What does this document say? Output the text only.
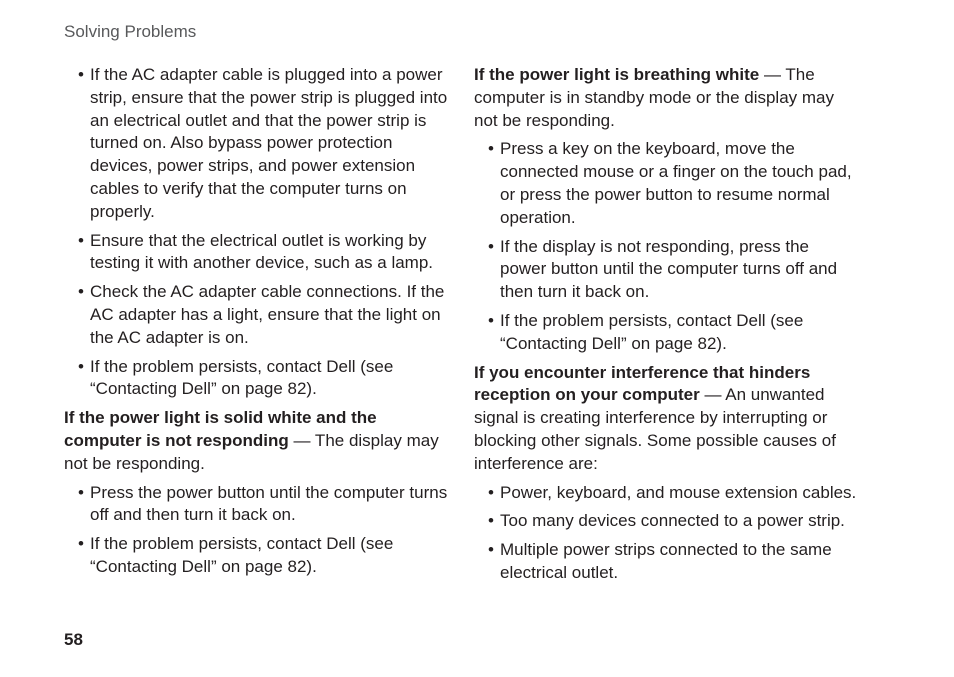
Solving Problems
• If the AC adapter cable is plugged into a power strip, ensure that the power strip is plugged into an electrical outlet and that the power strip is turned on. Also bypass power protection devices, power strips, and power extension cables to verify that the computer turns on properly.
• Ensure that the electrical outlet is working by testing it with another device, such as a lamp.
• Check the AC adapter cable connections. If the AC adapter has a light, ensure that the light on the AC adapter is on.
• If the problem persists, contact Dell (see “Contacting Dell” on page 82).

If the power light is solid white and the computer is not responding — The display may not be responding.

• Press the power button until the computer turns off and then turn it back on.
• If the problem persists, contact Dell (see “Contacting Dell” on page 82).

If the power light is breathing white — The computer is in standby mode or the display may not be responding.

• Press a key on the keyboard, move the connected mouse or a finger on the touch pad, or press the power button to resume normal operation.
• If the display is not responding, press the power button until the computer turns off and then turn it back on.
• If the problem persists, contact Dell (see “Contacting Dell” on page 82).

If you encounter interference that hinders reception on your computer — An unwanted signal is creating interference by interrupting or blocking other signals. Some possible causes of interference are:

• Power, keyboard, and mouse extension cables.
• Too many devices connected to a power strip.
• Multiple power strips connected to the same electrical outlet.
58
